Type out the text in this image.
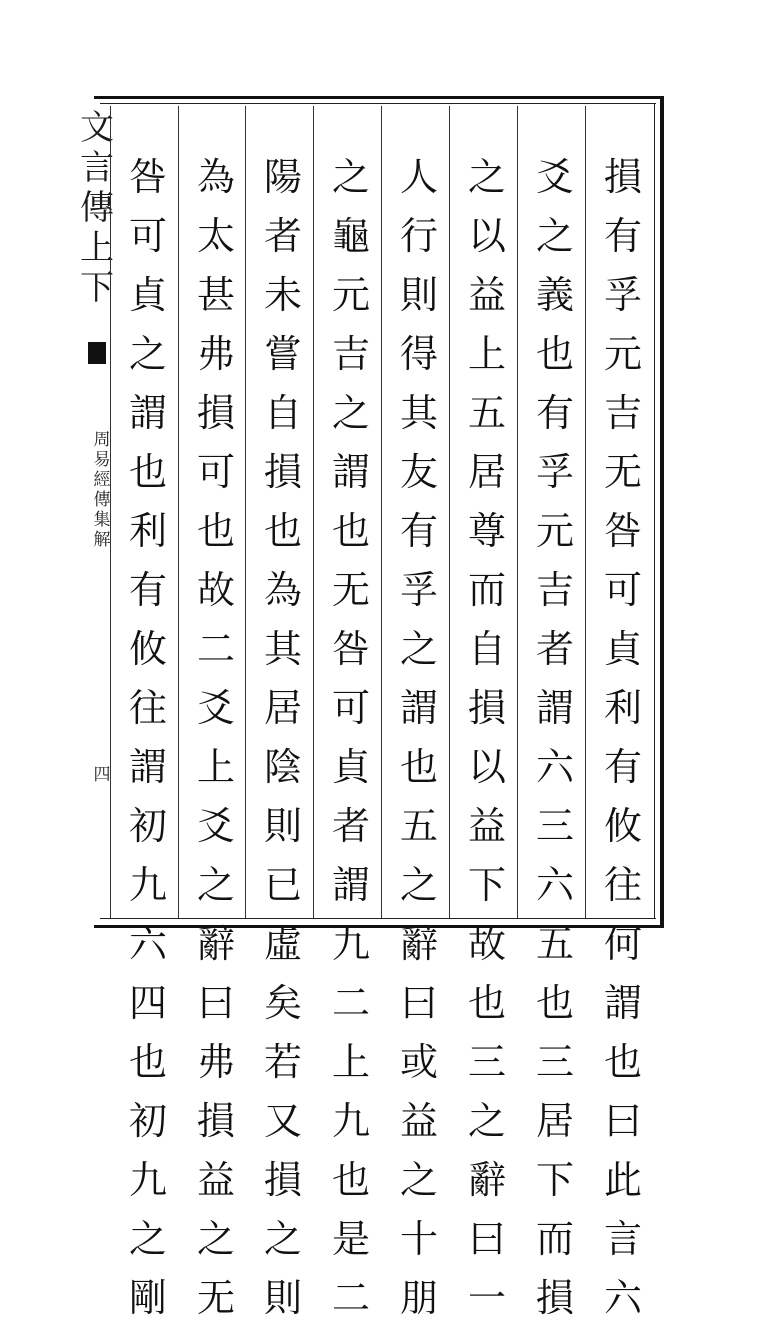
文
言
傳
上
下
周
易
經
傳
集
解
四
損
有
孚
元
吉
无
咎
可
貞
利
有
攸
往
何
謂
也
曰
此
言
六
爻
之
義
也
有
孚
元
吉
者
謂
六
三
六
五
也
三
居
下
而
損
之
以
益
上
五
居
尊
而
自
損
以
益
下
故
也
三
之
辭
曰
一
人
行
則
得
其
友
有
孚
之
謂
也
五
之
辭
曰
或
益
之
十
朋
之
龜
元
吉
之
謂
也
无
咎
可
貞
者
謂
九
二
上
九
也
是
二
陽
者
未
嘗
自
損
也
為
其
居
陰
則
已
虛
矣
若
又
損
之
則
為
太
甚
弗
損
可
也
故
二
爻
上
爻
之
辭
曰
弗
損
益
之
无
咎
可
貞
之
謂
也
利
有
攸
往
謂
初
九
六
四
也
初
九
之
剛
